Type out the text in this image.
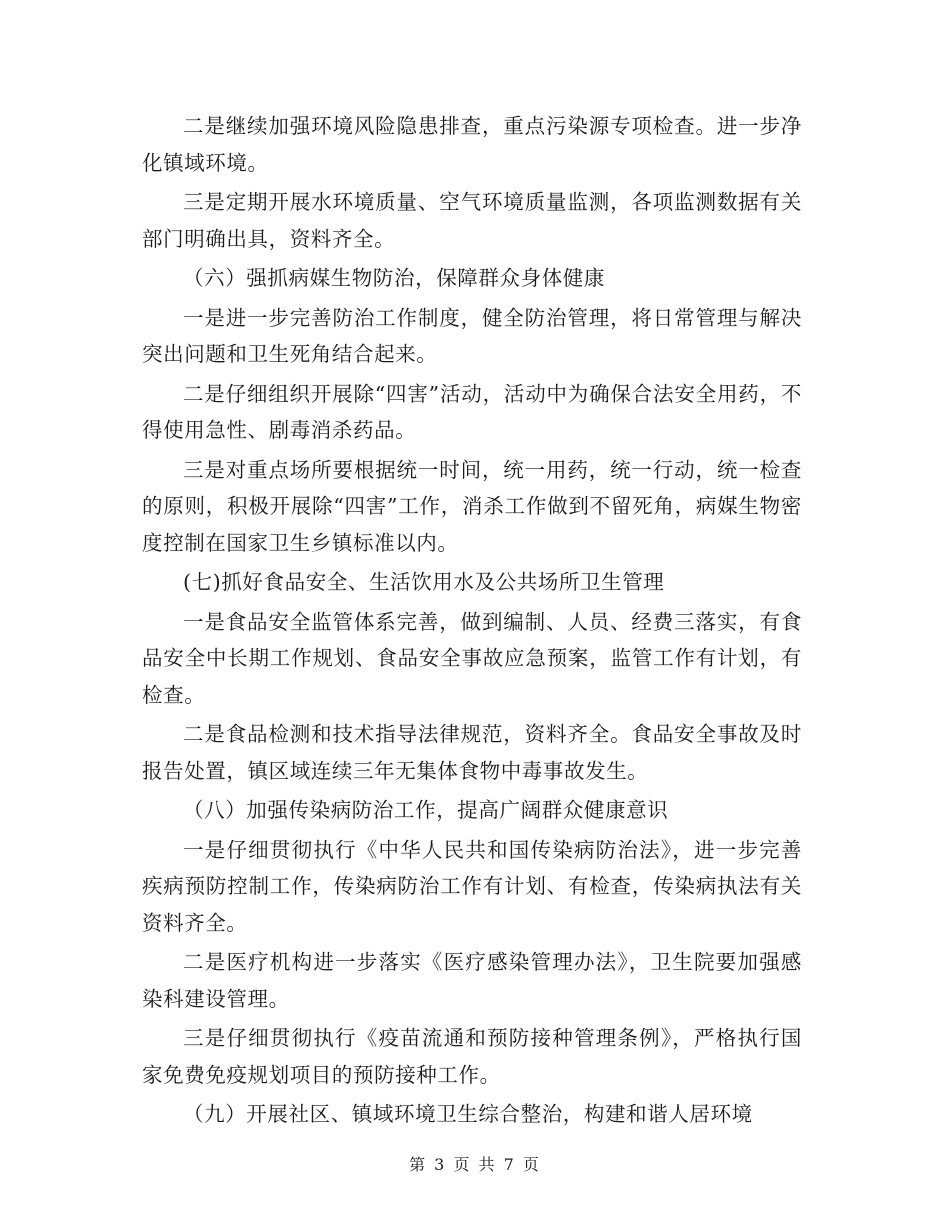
二是继续加强环境风险隐患排查，重点污染源专项检查。进一步净化镇域环境。

三是定期开展水环境质量、空气环境质量监测，各项监测数据有关部门明确出具，资料齐全。

（六）强抓病媒生物防治，保障群众身体健康

一是进一步完善防治工作制度，健全防治管理，将日常管理与解决突出问题和卫生死角结合起来。

二是仔细组织开展除“四害”活动，活动中为确保合法安全用药，不得使用急性、剧毒消杀药品。

三是对重点场所要根据统一时间，统一用药，统一行动，统一检查的原则，积极开展除“四害”工作，消杀工作做到不留死角，病媒生物密度控制在国家卫生乡镇标准以内。

(七)抓好食品安全、生活饮用水及公共场所卫生管理

一是食品安全监管体系完善，做到编制、人员、经费三落实，有食品安全中长期工作规划、食品安全事故应急预案，监管工作有计划，有检查。

二是食品检测和技术指导法律规范，资料齐全。食品安全事故及时报告处置，镇区域连续三年无集体食物中毒事故发生。

（八）加强传染病防治工作，提高广阔群众健康意识

一是仔细贯彻执行《中华人民共和国传染病防治法》，进一步完善疾病预防控制工作，传染病防治工作有计划、有检查，传染病执法有关资料齐全。

二是医疗机构进一步落实《医疗感染管理办法》，卫生院要加强感染科建设管理。

三是仔细贯彻执行《疫苗流通和预防接种管理条例》，严格执行国家免费免疫规划项目的预防接种工作。

（九）开展社区、镇域环境卫生综合整治，构建和谐人居环境

第 3 页 共 7 页
